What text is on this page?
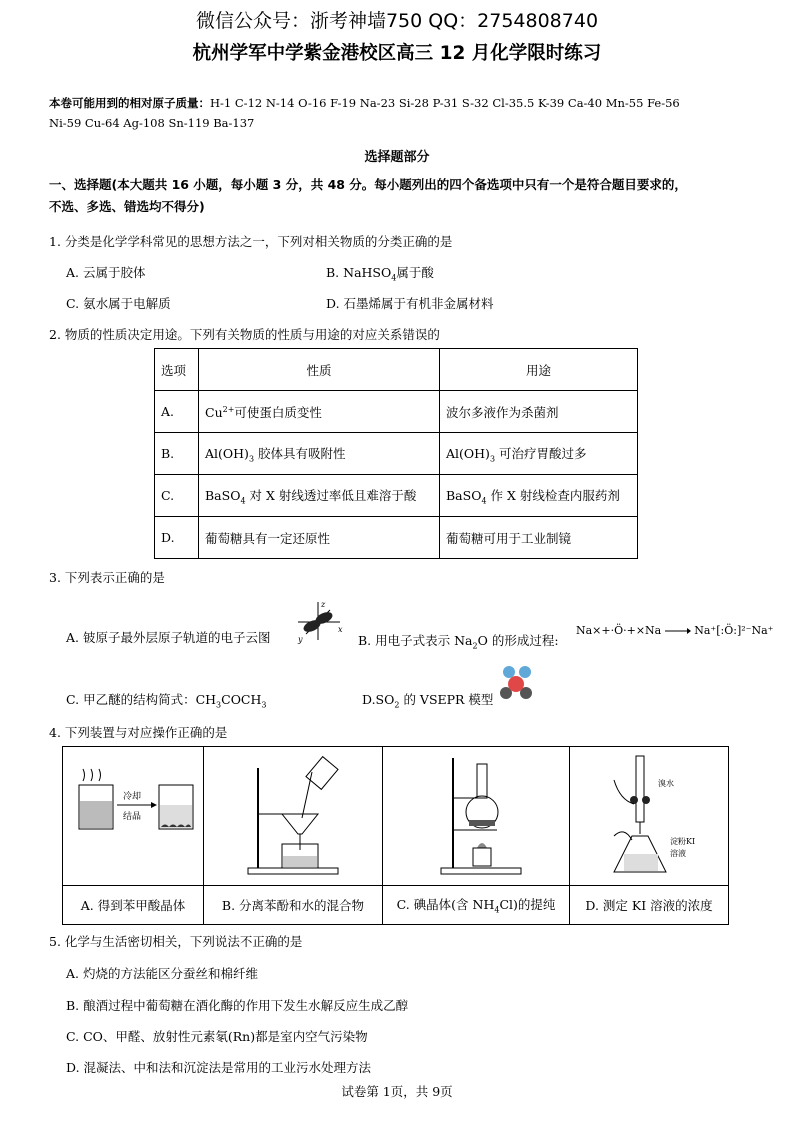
微信公众号：浙考神墙750 QQ：2754808740
杭州学军中学紫金港校区高三 12 月化学限时练习
本卷可能用到的相对原子质量：H-1 C-12 N-14 O-16 F-19 Na-23 Si-28 P-31 S-32 Cl-35.5 K-39 Ca-40 Mn-55 Fe-56
Ni-59 Cu-64 Ag-108 Sn-119 Ba-137
选择题部分
一、选择题(本大题共 16 小题，每小题 3 分，共 48 分。每小题列出的四个备选项中只有一个是符合题目要求的，
不选、多选、错选均不得分)
1. 分类是化学学科常见的思想方法之一，下列对相关物质的分类正确的是
A. 云属于胶体	B. NaHSO$_4$属于酸
C. 氨水属于电解质	D. 石墨烯属于有机非金属材料
2. 物质的性质决定用途。下列有关物质的性质与用途的对应关系错误的
选项	性质	用途
A.	$Cu^{2+}$可使蛋白质变性	波尔多液作为杀菌剂
B.	$Al(OH)_3$ 胶体具有吸附性	$Al(OH)_3$ 可治疗胃酸过多
C.	BaSO$_4$ 对 X 射线透过率低且难溶于酸	BaSO$_4$ 作 X 射线检查内服药剂
D.	葡萄糖具有一定还原性	葡萄糖可用于工业制镜
3. 下列表示正确的是
A. 铍原子最外层原子轨道的电子云图
z
x
y	B. 用电子式表示 $Na_2O$ 的形成过程:
Na×+·Ö·+×Na → Na⁺[:Ö:]²⁻Na⁺
C. 甲乙醚的结构简式：$CH_3COCH_3$	$D.SO_2$ 的 VSEPR 模型
4. 下列装置与对应操作正确的是
冷却
结晶			溴水
淀粉KI
溶液

A. 得到苯甲酸晶体	B. 分离苯酚和水的混合物	C. 碘晶体(含 $NH_4Cl$)的提纯	D. 测定 KI 溶液的浓度
5. 化学与生活密切相关，下列说法不正确的是
A. 灼烧的方法能区分蚕丝和棉纤维
B. 酿酒过程中葡萄糖在酒化酶的作用下发生水解反应生成乙醇
C. CO、甲醛、放射性元素氡(Rn)都是室内空气污染物
D. 混凝法、中和法和沉淀法是常用的工业污水处理方法
试卷第 1页，共 9页
